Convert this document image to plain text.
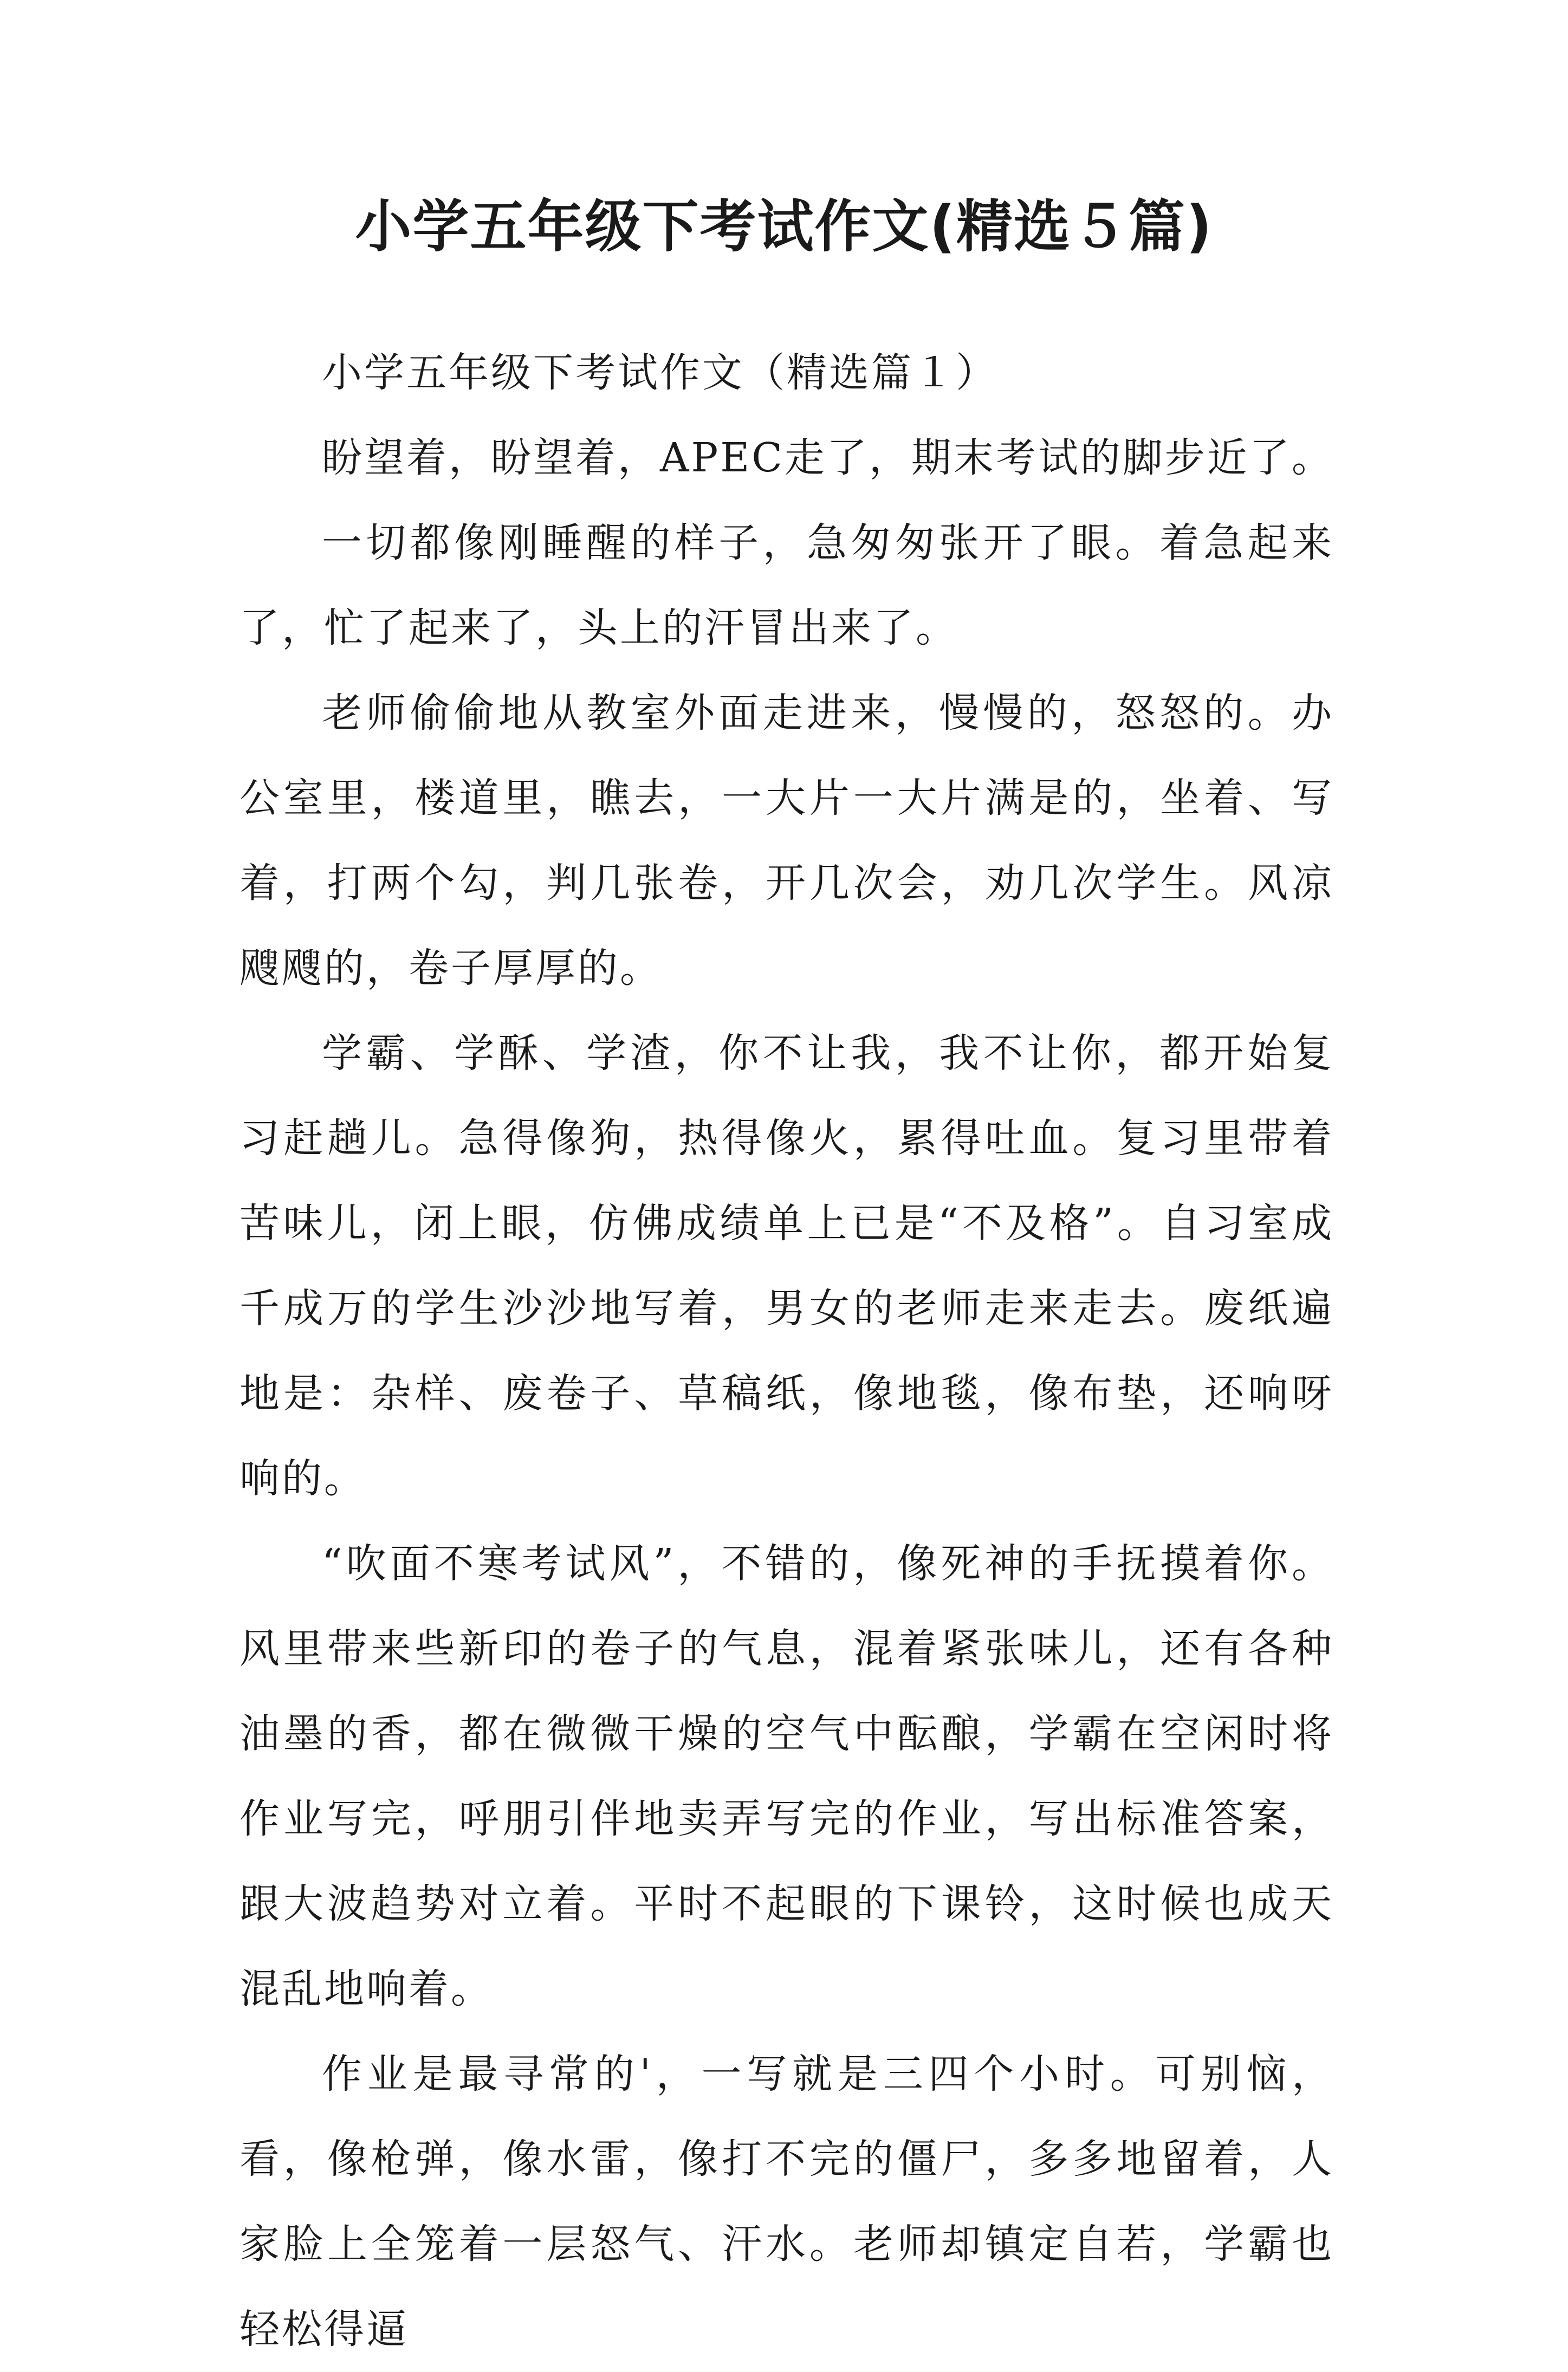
小学五年级下考试作文(精选５篇)

小学五年级下考试作文（精选篇１）

盼望着，盼望着，APEC走了，期末考试的脚步近了。

一切都像刚睡醒的样子，急匆匆张开了眼。着急起来了，忙了起来了，头上的汗冒出来了。

老师偷偷地从教室外面走进来，慢慢的，怒怒的。办公室里，楼道里，瞧去，一大片一大片满是的，坐着、写着，打两个勾，判几张卷，开几次会，劝几次学生。风凉飕飕的，卷子厚厚的。

学霸、学酥、学渣，你不让我，我不让你，都开始复习赶趟儿。急得像狗，热得像火，累得吐血。复习里带着苦味儿，闭上眼，仿佛成绩单上已是“不及格”。自习室成千成万的学生沙沙地写着，男女的老师走来走去。废纸遍地是：杂样、废卷子、草稿纸，像地毯，像布垫，还响呀响的。

“吹面不寒考试风”，不错的，像死神的手抚摸着你。风里带来些新印的卷子的气息，混着紧张味儿，还有各种油墨的香，都在微微干燥的空气中酝酿，学霸在空闲时将作业写完，呼朋引伴地卖弄写完的作业，写出标准答案，跟大波趋势对立着。平时不起眼的下课铃，这时候也成天混乱地响着。

作业是最寻常的'，一写就是三四个小时。可别恼，看，像枪弹，像水雷，像打不完的僵尸，多多地留着，人家脸上全笼着一层怒气、汗水。老师却镇定自若，学霸也轻松得逼
